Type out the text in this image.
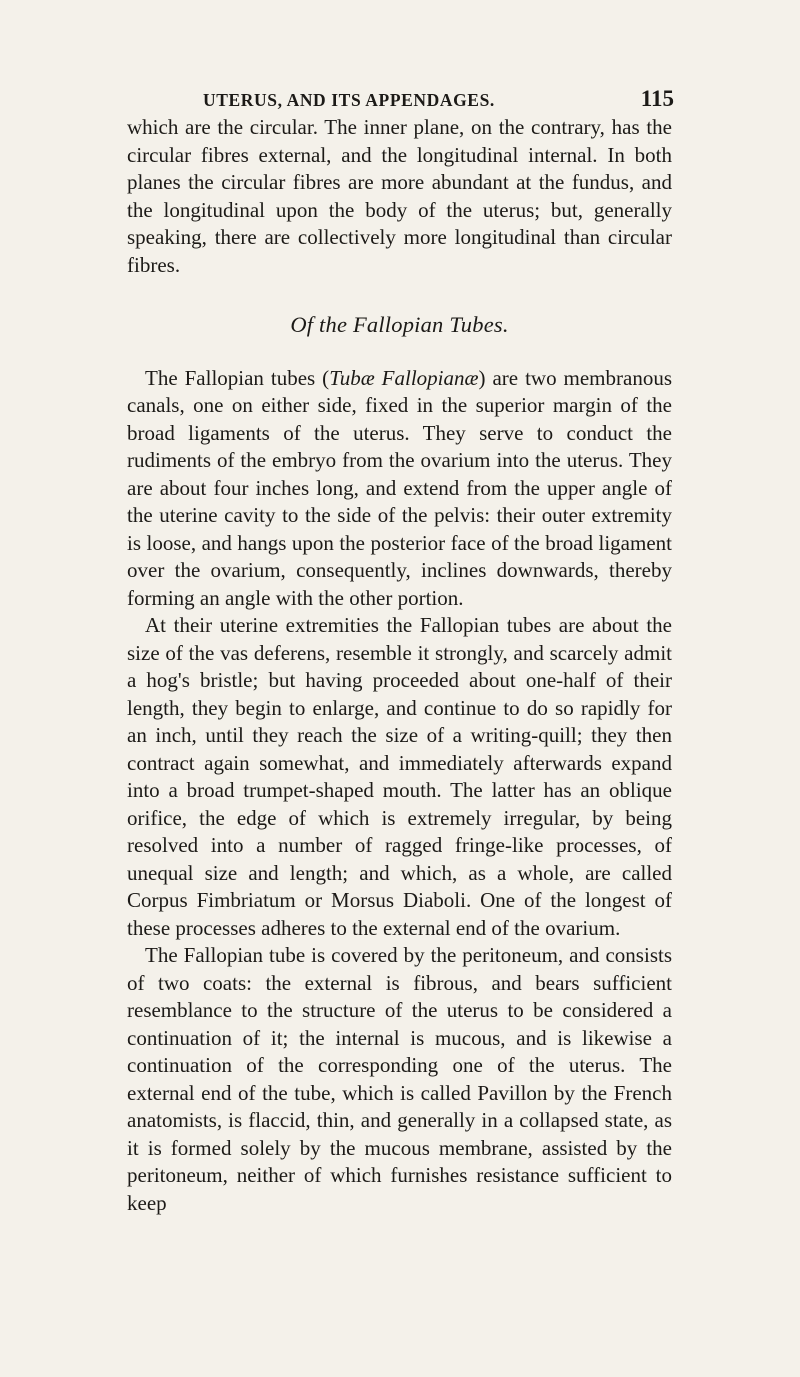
UTERUS, AND ITS APPENDAGES.	115

which are the circular. The inner plane, on the contrary, has the circular fibres external, and the longitudinal internal. In both planes the circular fibres are more abundant at the fundus, and the longitudinal upon the body of the uterus; but, generally speaking, there are collectively more longitudinal than circular fibres.

Of the Fallopian Tubes.

The Fallopian tubes (Tubæ Fallopianæ) are two membranous canals, one on either side, fixed in the superior margin of the broad ligaments of the uterus. They serve to conduct the rudiments of the embryo from the ovarium into the uterus. They are about four inches long, and extend from the upper angle of the uterine cavity to the side of the pelvis: their outer extremity is loose, and hangs upon the posterior face of the broad ligament over the ovarium, consequently, inclines downwards, thereby forming an angle with the other portion.

At their uterine extremities the Fallopian tubes are about the size of the vas deferens, resemble it strongly, and scarcely admit a hog's bristle; but having proceeded about one-half of their length, they begin to enlarge, and continue to do so rapidly for an inch, until they reach the size of a writing-quill; they then contract again somewhat, and immediately afterwards expand into a broad trumpet-shaped mouth. The latter has an oblique orifice, the edge of which is extremely irregular, by being resolved into a number of ragged fringe-like processes, of unequal size and length; and which, as a whole, are called Corpus Fimbriatum or Morsus Diaboli. One of the longest of these processes adheres to the external end of the ovarium.

The Fallopian tube is covered by the peritoneum, and consists of two coats: the external is fibrous, and bears sufficient resemblance to the structure of the uterus to be considered a continuation of it; the internal is mucous, and is likewise a continuation of the corresponding one of the uterus. The external end of the tube, which is called Pavillon by the French anatomists, is flaccid, thin, and generally in a collapsed state, as it is formed solely by the mucous membrane, assisted by the peritoneum, neither of which furnishes resistance sufficient to keep
